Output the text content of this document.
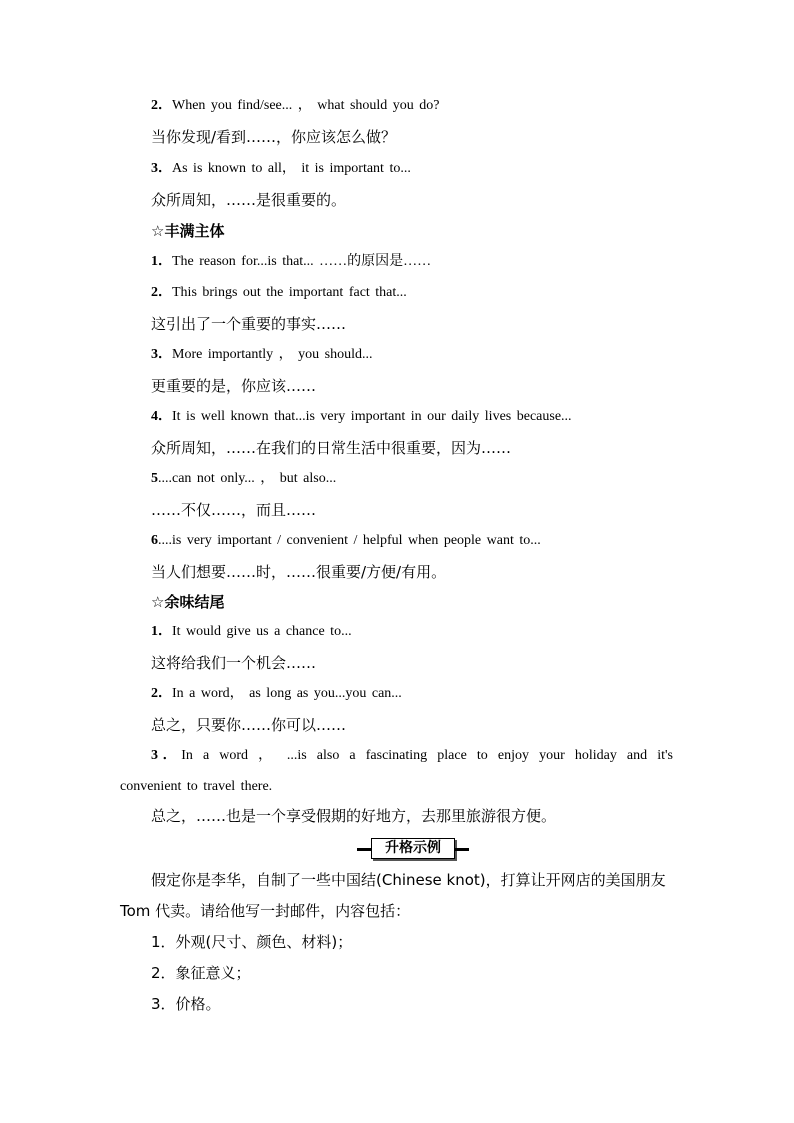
2．When you find/see... ， what should you do?
当你发现/看到……，你应该怎么做？
3．As is known to all， it is important to...
众所周知，……是很重要的。
☆丰满主体
1．The reason for...is that... ……的原因是……
2．This brings out the important fact that...
这引出了一个重要的事实……
3．More importantly ， you should...
更重要的是，你应该……
4．It is well known that...is very important in our daily lives because...
众所周知，……在我们的日常生活中很重要，因为……
5....can not only... ， but also...
……不仅……，而且……
6....is very important / convenient / helpful when people want to...
当人们想要……时，……很重要/方便/有用。
☆余味结尾
1．It would give us a chance to...
这将给我们一个机会……
2．In a word， as long as you...you can...
总之，只要你……你可以……
3．In a word ， ...is also a fascinating place to enjoy your holiday and it's
convenient to travel there.
总之，……也是一个享受假期的好地方，去那里旅游很方便。
升格示例
假定你是李华，自制了一些中国结(Chinese knot)，打算让开网店的美国朋友
Tom 代卖。请给他写一封邮件，内容包括：
1．外观(尺寸、颜色、材料)；
2．象征意义；
3．价格。
